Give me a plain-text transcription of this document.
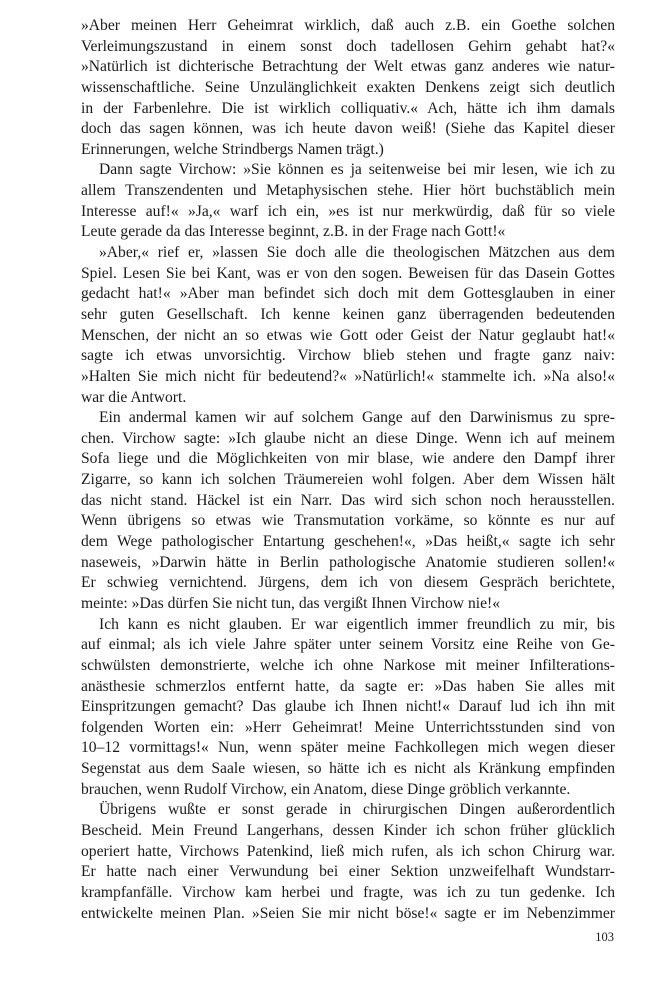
»Aber meinen Herr Geheimrat wirklich, daß auch z.B. ein Goethe solchen
Verleimungszustand in einem sonst doch tadellosen Gehirn gehabt hat?«
»Natürlich ist dichterische Betrachtung der Welt etwas ganz anderes wie natur-
wissenschaftliche. Seine Unzulänglichkeit exakten Denkens zeigt sich deutlich
in der Farbenlehre. Die ist wirklich colliquativ.« Ach, hätte ich ihm damals
doch das sagen können, was ich heute davon weiß! (Siehe das Kapitel dieser
Erinnerungen, welche Strindbergs Namen trägt.)
Dann sagte Virchow: »Sie können es ja seitenweise bei mir lesen, wie ich zu
allem Transzendenten und Metaphysischen stehe. Hier hört buchstäblich mein
Interesse auf!« »Ja,« warf ich ein, »es ist nur merkwürdig, daß für so viele
Leute gerade da das Interesse beginnt, z.B. in der Frage nach Gott!«
»Aber,« rief er, »lassen Sie doch alle die theologischen Mätzchen aus dem
Spiel. Lesen Sie bei Kant, was er von den sogen. Beweisen für das Dasein Gottes
gedacht hat!« »Aber man befindet sich doch mit dem Gottesglauben in einer
sehr guten Gesellschaft. Ich kenne keinen ganz überragenden bedeutenden
Menschen, der nicht an so etwas wie Gott oder Geist der Natur geglaubt hat!«
sagte ich etwas unvorsichtig. Virchow blieb stehen und fragte ganz naiv:
»Halten Sie mich nicht für bedeutend?« »Natürlich!« stammelte ich. »Na also!«
war die Antwort.
Ein andermal kamen wir auf solchem Gange auf den Darwinismus zu spre-
chen. Virchow sagte: »Ich glaube nicht an diese Dinge. Wenn ich auf meinem
Sofa liege und die Möglichkeiten von mir blase, wie andere den Dampf ihrer
Zigarre, so kann ich solchen Träumereien wohl folgen. Aber dem Wissen hält
das nicht stand. Häckel ist ein Narr. Das wird sich schon noch herausstellen.
Wenn übrigens so etwas wie Transmutation vorkäme, so könnte es nur auf
dem Wege pathologischer Entartung geschehen!«, »Das heißt,« sagte ich sehr
naseweis, »Darwin hätte in Berlin pathologische Anatomie studieren sollen!«
Er schwieg vernichtend. Jürgens, dem ich von diesem Gespräch berichtete,
meinte: »Das dürfen Sie nicht tun, das vergißt Ihnen Virchow nie!«
Ich kann es nicht glauben. Er war eigentlich immer freundlich zu mir, bis
auf einmal; als ich viele Jahre später unter seinem Vorsitz eine Reihe von Ge-
schwülsten demonstrierte, welche ich ohne Narkose mit meiner Infilterations-
anästhesie schmerzlos entfernt hatte, da sagte er: »Das haben Sie alles mit
Einspritzungen gemacht? Das glaube ich Ihnen nicht!« Darauf lud ich ihn mit
folgenden Worten ein: »Herr Geheimrat! Meine Unterrichtsstunden sind von
10–12 vormittags!« Nun, wenn später meine Fachkollegen mich wegen dieser
Segenstat aus dem Saale wiesen, so hätte ich es nicht als Kränkung empfinden
brauchen, wenn Rudolf Virchow, ein Anatom, diese Dinge gröblich verkannte.
Übrigens wußte er sonst gerade in chirurgischen Dingen außerordentlich
Bescheid. Mein Freund Langerhans, dessen Kinder ich schon früher glücklich
operiert hatte, Virchows Patenkind, ließ mich rufen, als ich schon Chirurg war.
Er hatte nach einer Verwundung bei einer Sektion unzweifelhaft Wundstarr-
krampfanfälle. Virchow kam herbei und fragte, was ich zu tun gedenke. Ich
entwickelte meinen Plan. »Seien Sie mir nicht böse!« sagte er im Nebenzimmer
103
